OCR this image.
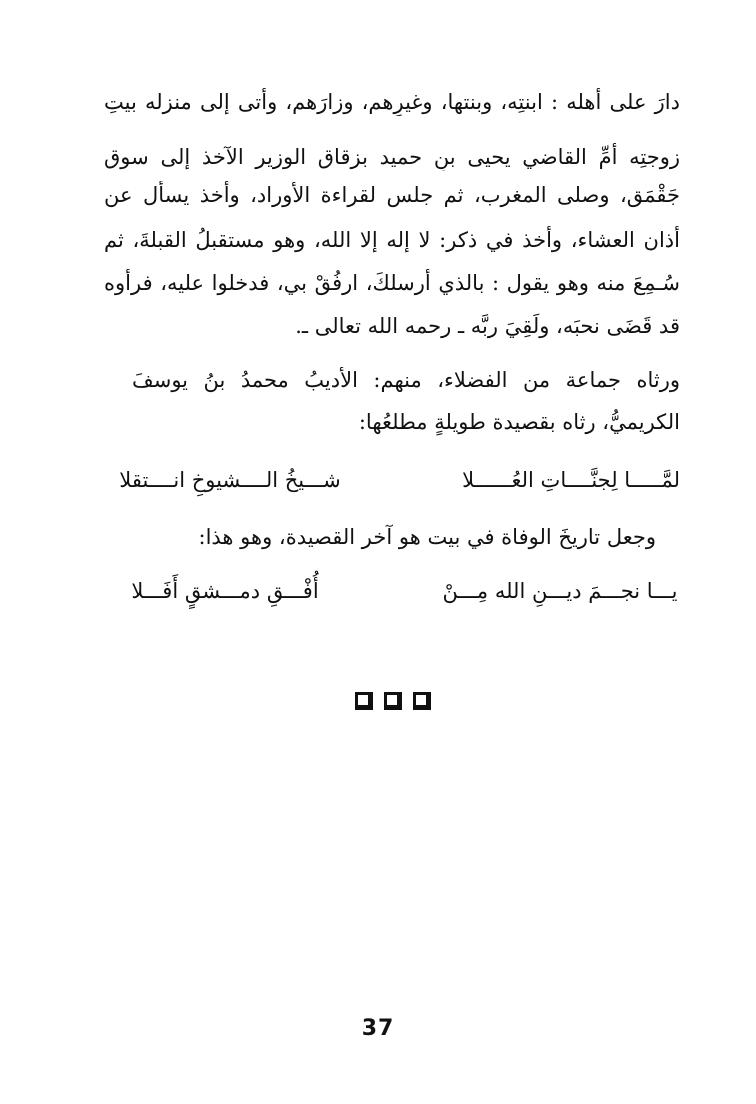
دارَ على أهله : ابنتِه، وبنتها، وغيرِهم، وزارَهم، وأتى إلى منزله بيتِ
زوجتِه أمِّ القاضي يحيى بنِ حميد بزقاق الوزير الآخذ إلى سوق
جَقْمَق، وصلى المغرب، ثم جلس لقراءة الأوراد، وأخذ يسأل عن
أذان العشاء، وأخذ في ذكر: لا إله إلا الله، وهو مستقبلُ القبلةَ، ثم
سُـمِعَ منه وهو يقول : بالذي أرسلكَ، ارفُقْ بي، فدخلوا عليه، فرأوه
قد قَضَى نحبَه، ولَقِيَ ربَّه ـ رحمه الله تعالى ـ.
ورثاه جماعة من الفضلاء، منهم: الأديبُ محمدُ بنُ يوسفَ
الكريميُّ، رثاه بقصيدة طويلةٍ مطلعُها:
لمَّـــــا لِجنَّــــاتِ العُــــــلا
شـــيخُ الــــشيوخِ انــــتقلا
وجعل تاريخَ الوفاة في بيت هو آخر القصيدة، وهو هذا:
يـــا نجـــمَ ديـــنِ الله مِـــنْ
أُفْـــقِ دمـــشقٍ أَفَـــلا
37
